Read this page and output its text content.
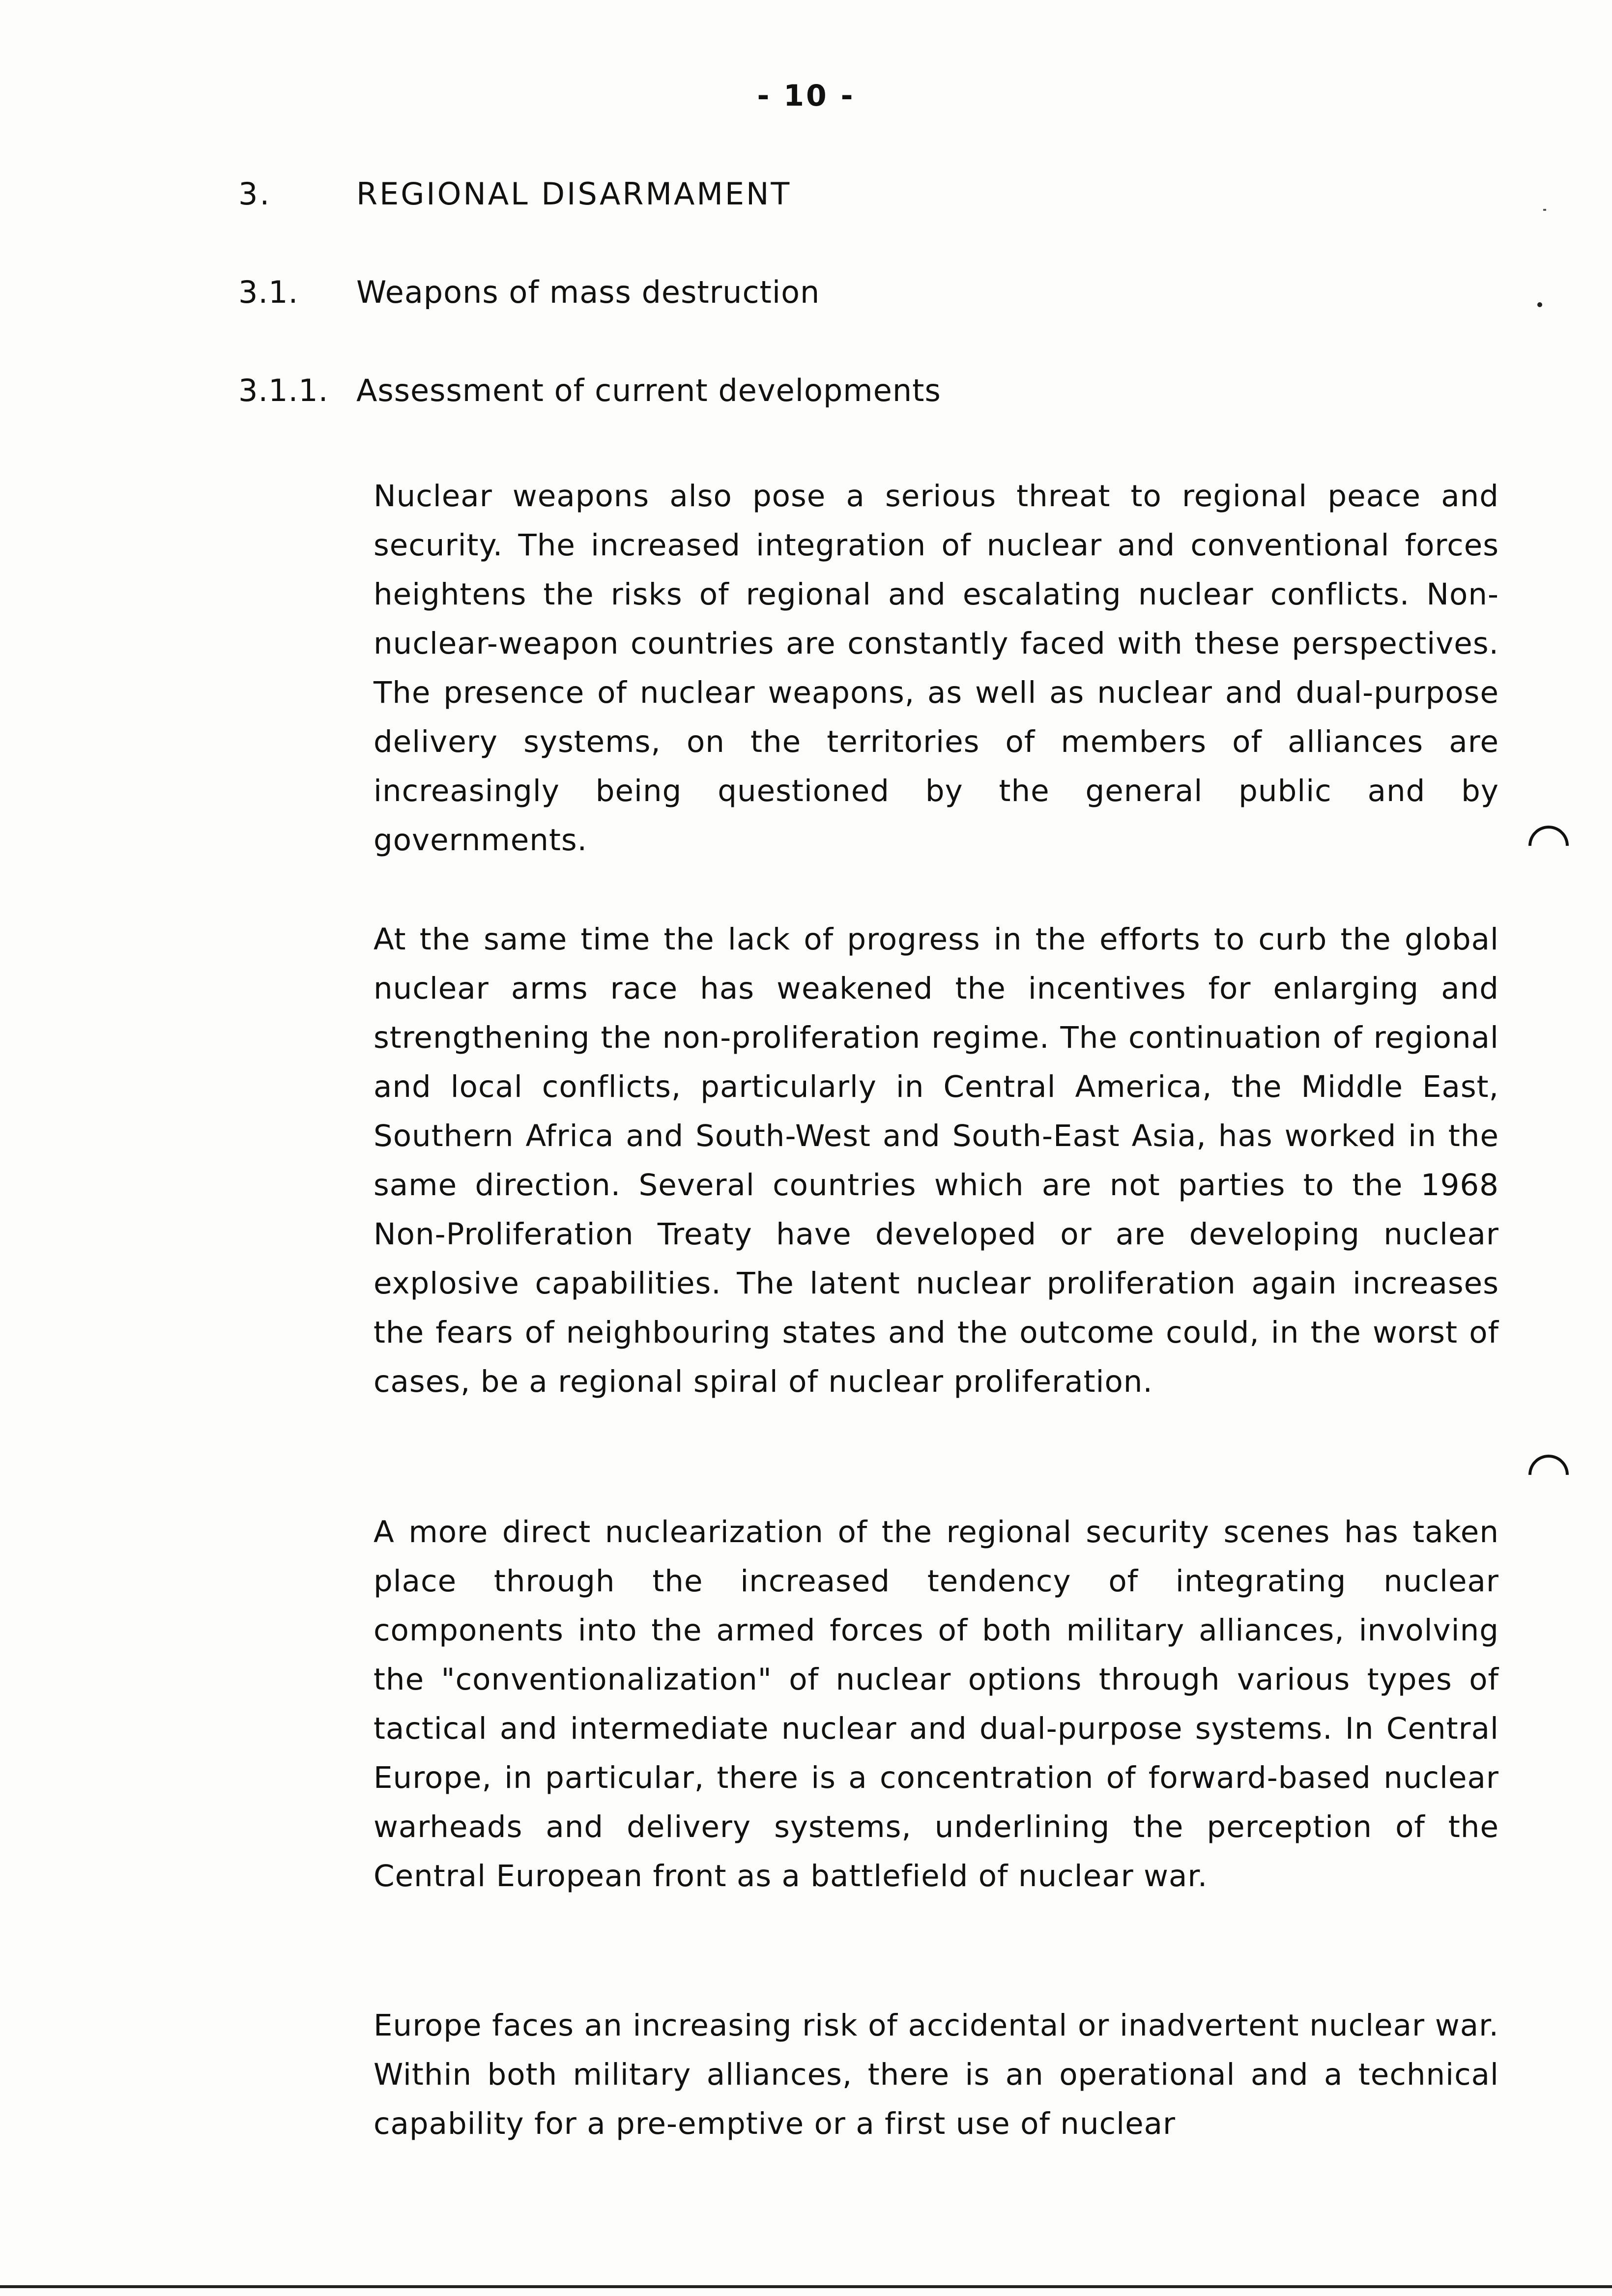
- 10 -
3.	REGIONAL DISARMAMENT
3.1. Weapons of mass destruction
3.1.1. Assessment of current developments

Nuclear weapons also pose a serious threat to regional peace and security. The increased integration of nuclear and conventional forces heightens the risks of regional and escalating nuclear conflicts. Non-nuclear-weapon countries are constantly faced with these perspectives. The presence of nuclear weapons, as well as nuclear and dual-purpose delivery systems, on the territories of members of alliances are increasingly being questioned by the general public and by governments.

At the same time the lack of progress in the efforts to curb the global nuclear arms race has weakened the incentives for enlarging and strengthening the non-proliferation regime. The continuation of regional and local conflicts, particularly in Central America, the Middle East, Southern Africa and South-West and South-East Asia, has worked in the same direction. Several countries which are not parties to the 1968 Non-Proliferation Treaty have developed or are developing nuclear explosive capabilities. The latent nuclear proliferation again increases the fears of neighbouring states and the outcome could, in the worst of cases, be a regional spiral of nuclear proliferation.

A more direct nuclearization of the regional security scenes has taken place through the increased tendency of integrating nuclear components into the armed forces of both military alliances, involving the "conventionalization" of nuclear options through various types of tactical and intermediate nuclear and dual-purpose systems. In Central Europe, in particular, there is a concentration of forward-based nuclear warheads and delivery systems, underlining the perception of the Central European front as a battlefield of nuclear war.

Europe faces an increasing risk of accidental or inadvertent nuclear war. Within both military alliances, there is an operational and a technical capability for a pre-emptive or a first use of nuclear
